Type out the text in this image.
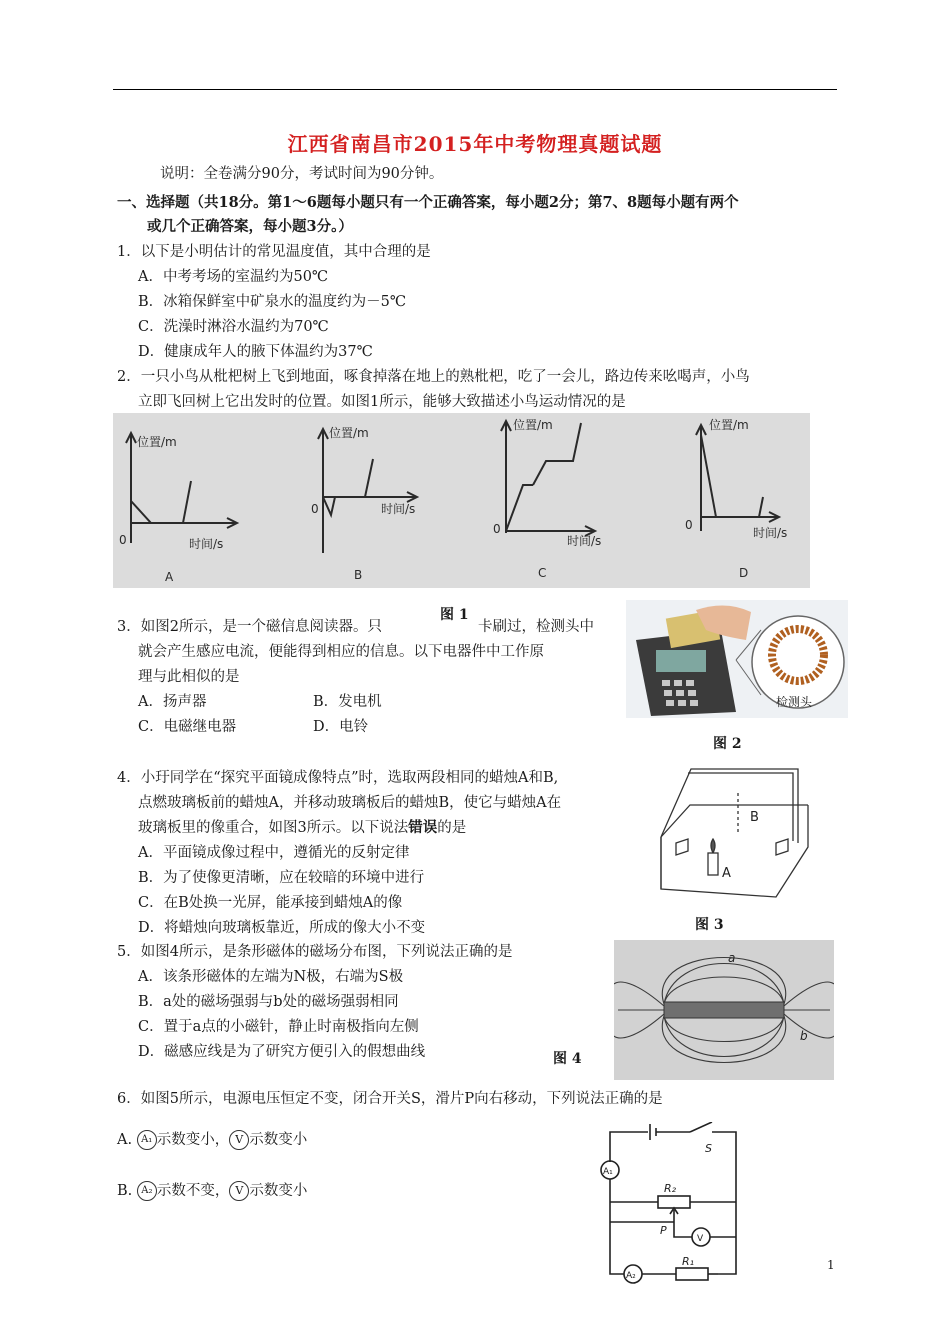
江西省南昌市2015年中考物理真题试题
说明：全卷满分90分，考试时间为90分钟。
一、选择题（共18分。第1～6题每小题只有一个正确答案，每小题2分；第7、8题每小题有两个
或几个正确答案，每小题3分。）
1．以下是小明估计的常见温度值，其中合理的是
A．中考考场的室温约为50℃
B．冰箱保鲜室中矿泉水的温度约为－5℃
C．洗澡时淋浴水温约为70℃
D．健康成年人的腋下体温约为37℃
2．一只小鸟从枇杷树上飞到地面，啄食掉落在地上的熟枇杷，吃了一会儿，路边传来吆喝声，小鸟
立即飞回树上它出发时的位置。如图1所示，能够大致描述小鸟运动情况的是
位置/m
时间/s
0
A
位置/m
时间/s
0
B
位置/m
时间/s
0
C
位置/m
时间/s
0
D
3．如图2所示，是一个磁信息阅读器。只
图 1
卡刷过，检测头中
就会产生感应电流，便能得到相应的信息。以下电器件中工作原
理与此相似的是
A．扬声器	B．发电机
C．电磁继电器	D．电铃
检测头
图 2
4．小玗同学在“探究平面镜成像特点”时，选取两段相同的蜡烛A和B,
点燃玻璃板前的蜡烛A，并移动玻璃板后的蜡烛B，使它与蜡烛A在
玻璃板里的像重合，如图3所示。以下说法错误的是
A．平面镜成像过程中，遵循光的反射定律
B．为了使像更清晰，应在较暗的环境中进行
C．在B处换一光屏，能承接到蜡烛A的像
D．将蜡烛向玻璃板靠近，所成的像大小不变
B
A
图 3
5．如图4所示，是条形磁体的磁场分布图，下列说法正确的是
A．该条形磁体的左端为N极，右端为S极
B．a处的磁场强弱与b处的磁场强弱相同
C．置于a点的小磁针，静止时南极指向左侧
D．磁感应线是为了研究方便引入的假想曲线
a
b
图 4
6．如图5所示，电源电压恒定不变，闭合开关S，滑片P向右移动，下列说法正确的是
A. A₁ 示数变小， V 示数变小
B. A₂ 示数不变， V 示数变小
S
R₂
P
R₁
A₁
V
A₂
1
